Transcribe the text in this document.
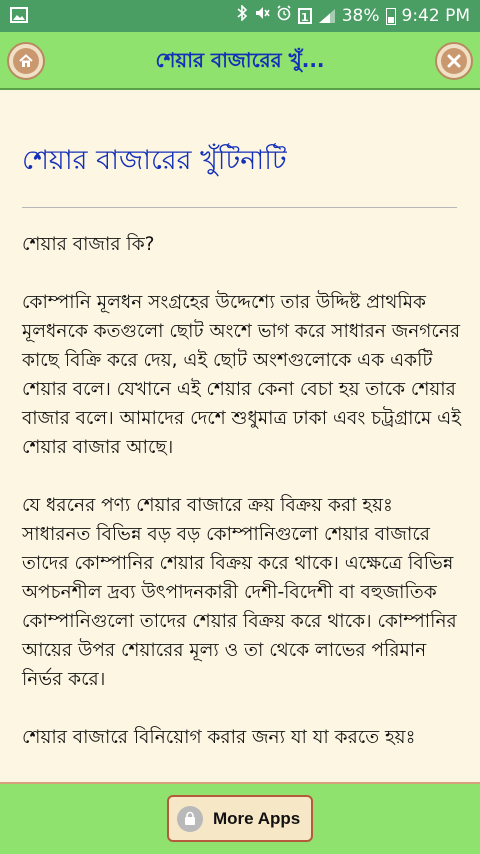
1 38% 9:42 PM
শেয়ার বাজারের খুঁ...
শেয়ার বাজারের খুঁটিনাটি

শেয়ার বাজার কি?

কোম্পানি মূলধন সংগ্রহের উদ্দেশ্যে তার উদ্দিষ্ট প্রাথমিক মূলধনকে কতগুলো ছোট অংশে ভাগ করে সাধারন জনগনের কাছে বিক্রি করে দেয়, এই ছোট অংশগুলোকে এক একটি শেয়ার বলে। যেখানে এই শেয়ার কেনা বেচা হয় তাকে শেয়ার বাজার বলে। আমাদের দেশে শুধুমাত্র ঢাকা এবং চট্রগ্রামে এই শেয়ার বাজার আছে।

যে ধরনের পণ্য শেয়ার বাজারে ক্রয় বিক্রয় করা হয়ঃ সাধারনত বিভিন্ন বড় বড় কোম্পানিগুলো শেয়ার বাজারে তাদের কোম্পানির শেয়ার বিক্রয় করে থাকে। এক্ষেত্রে বিভিন্ন অপচনশীল দ্রব্য উৎপাদনকারী দেশী-বিদেশী বা বহুজাতিক কোম্পানিগুলো তাদের শেয়ার বিক্রয় করে থাকে। কোম্পানির আয়ের উপর শেয়ারের মূল্য ও তা থেকে লাভের পরিমান নির্ভর করে।

শেয়ার বাজারে বিনিয়োগ করার জন্য যা যা করতে হয়ঃ

More Apps
